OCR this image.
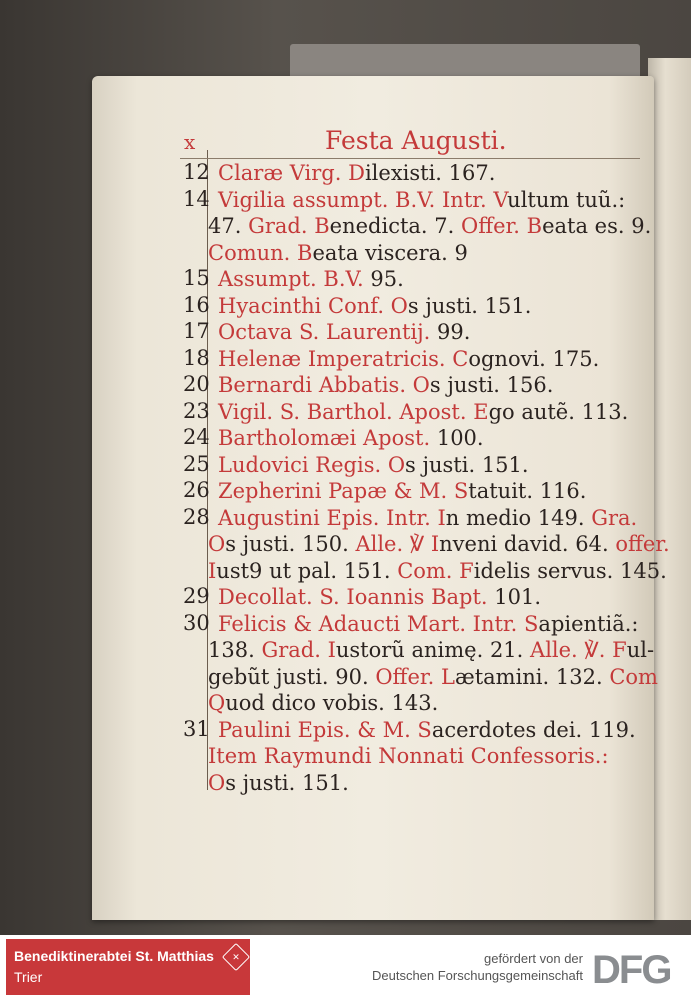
x	Festa Augusti.
12 Claræ Virg. Dilexisti. 167.
14 Vigilia assumpt. B.V. Intr. Vultum tuũ.:
47. Grad. Benedicta. 7. Offer. Beata es. 9.
Comun. Beata viscera. 9
15 Assumpt. B.V. 95.
16 Hyacinthi Conf. Os justi. 151.
17 Octava S. Laurentij. 99.
18 Helenæ Imperatricis. Cognovi. 175.
20 Bernardi Abbatis. Os justi. 156.
23 Vigil. S. Barthol. Apost. Ego autẽ. 113.
24 Bartholomæi Apost. 100.
25 Ludovici Regis. Os justi. 151.
26 Zepherini Papæ & M. Statuit. 116.
28 Augustini Epis. Intr. In medio 149. Gra.
Os justi. 150. Alle. ℣ Inveni david. 64. offer.
Iust9 ut pal. 151. Com. Fidelis servus. 145.
29 Decollat. S. Ioannis Bapt. 101.
30 Felicis & Adaucti Mart. Intr. Sapientiã.:
138. Grad. Iustorũ animę. 21. Alle. ℣. Ful-
gebũt justi. 90. Offer. Lætamini. 132. Com
Quod dico vobis. 143.
31 Paulini Epis. & M. Sacerdotes dei. 119.
Item Raymundi Nonnati Confessoris.:
Os justi. 151.
Benediktinerabtei St. Matthias
Trier
✕	gefördert von der
Deutschen Forschungsgemeinschaft DFG
